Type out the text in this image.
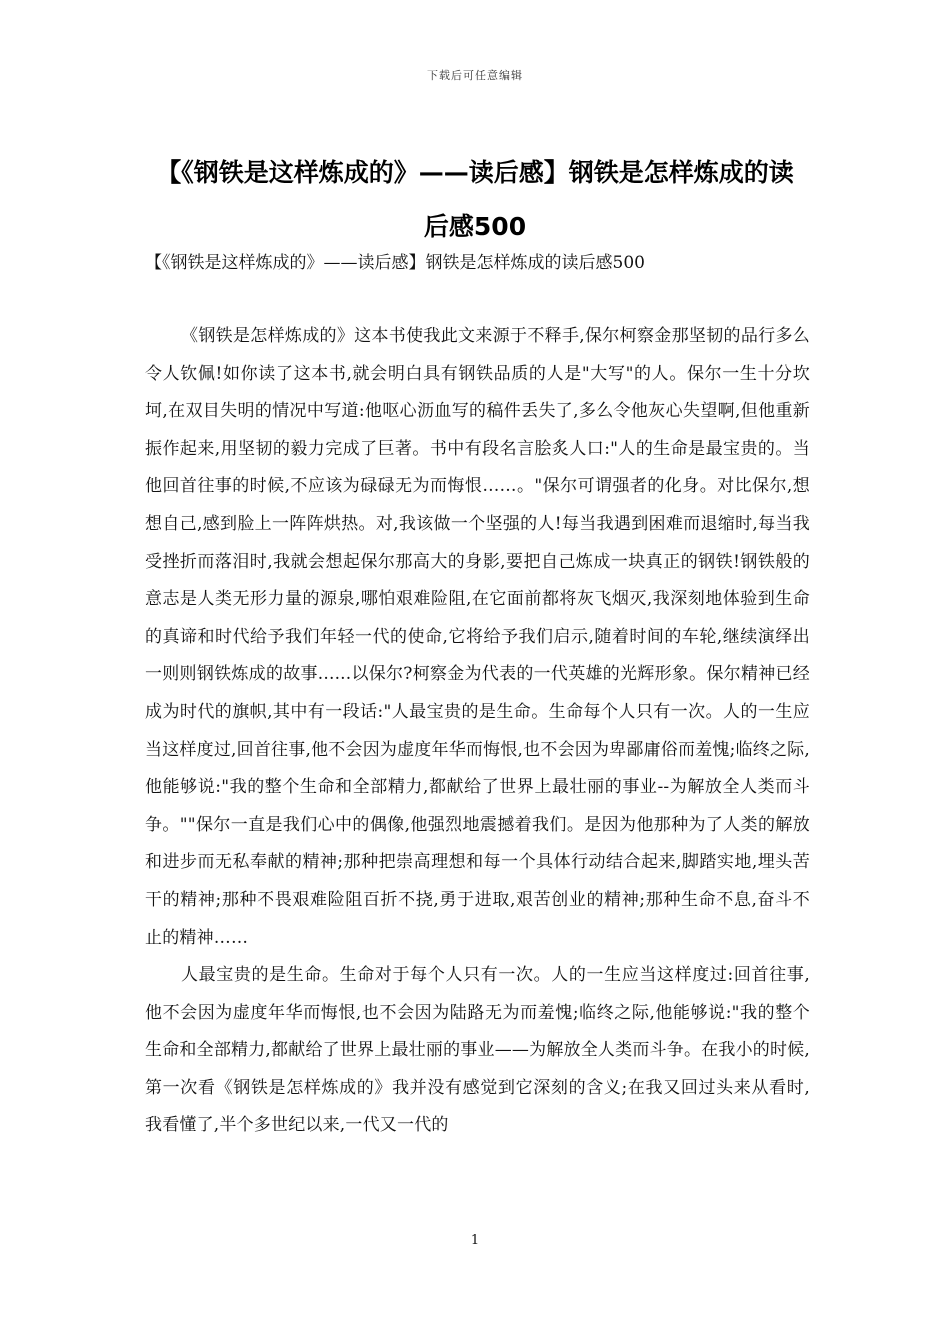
下载后可任意编辑
【《钢铁是这样炼成的》——读后感】钢铁是怎样炼成的读后感500

【《钢铁是这样炼成的》——读后感】钢铁是怎样炼成的读后感500

《钢铁是怎样炼成的》这本书使我此文来源于不释手,保尔柯察金那坚韧的品行多么令人钦佩!如你读了这本书,就会明白具有钢铁品质的人是"大写"的人。保尔一生十分坎坷,在双目失明的情况中写道:他呕心沥血写的稿件丢失了,多么令他灰心失望啊,但他重新振作起来,用坚韧的毅力完成了巨著。书中有段名言脍炙人口:"人的生命是最宝贵的。当他回首往事的时候,不应该为碌碌无为而悔恨……。"保尔可谓强者的化身。对比保尔,想想自己,感到脸上一阵阵烘热。对,我该做一个坚强的人!每当我遇到困难而退缩时,每当我受挫折而落泪时,我就会想起保尔那高大的身影,要把自己炼成一块真正的钢铁!钢铁般的意志是人类无形力量的源泉,哪怕艰难险阻,在它面前都将灰飞烟灭,我深刻地体验到生命的真谛和时代给予我们年轻一代的使命,它将给予我们启示,随着时间的车轮,继续演绎出一则则钢铁炼成的故事......以保尔?柯察金为代表的一代英雄的光辉形象。保尔精神已经成为时代的旗帜,其中有一段话:"人最宝贵的是生命。生命每个人只有一次。人的一生应当这样度过,回首往事,他不会因为虚度年华而悔恨,也不会因为卑鄙庸俗而羞愧;临终之际,他能够说:"我的整个生命和全部精力,都献给了世界上最壮丽的事业--为解放全人类而斗争。""保尔一直是我们心中的偶像,他强烈地震撼着我们。是因为他那种为了人类的解放和进步而无私奉献的精神;那种把崇高理想和每一个具体行动结合起来,脚踏实地,埋头苦干的精神;那种不畏艰难险阻百折不挠,勇于进取,艰苦创业的精神;那种生命不息,奋斗不止的精神……

人最宝贵的是生命。生命对于每个人只有一次。人的一生应当这样度过:回首往事,他不会因为虚度年华而悔恨,也不会因为陆路无为而羞愧;临终之际,他能够说:"我的整个生命和全部精力,都献给了世界上最壮丽的事业——为解放全人类而斗争。在我小的时候,第一次看《钢铁是怎样炼成的》我并没有感觉到它深刻的含义;在我又回过头来从看时,我看懂了,半个多世纪以来,一代又一代的

1
